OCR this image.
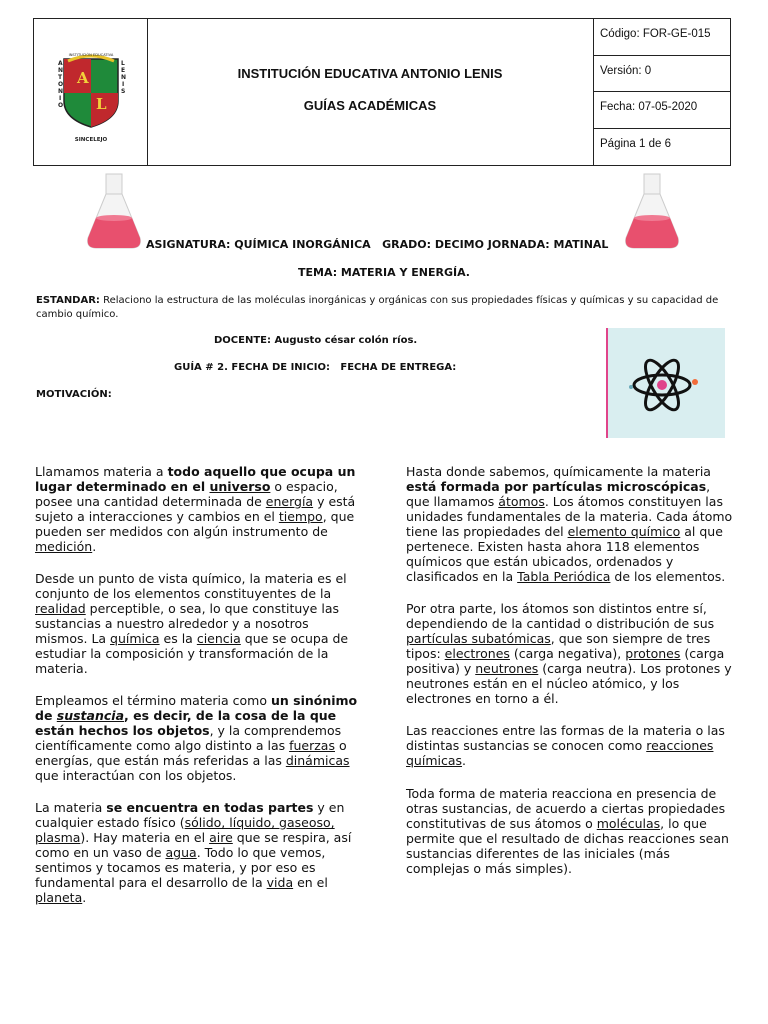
A
L
INSTITUCIÓN EDUCATIVA
A
N
T
O
N
I
O
L
E
N
I
S
SINCELEJO
INSTITUCIÓN EDUCATIVA ANTONIO LENIS
GUÍAS ACADÉMICAS
Código: FOR-GE-015
Versión: 0
Fecha: 07-05-2020
Página 1 de 6
ASIGNATURA: QUÍMICA INORGÁNICA   GRADO: DECIMO JORNADA: MATINAL
TEMA: MATERIA Y ENERGÍA.
ESTANDAR: Relaciono la estructura de las moléculas inorgánicas y orgánicas con sus propiedades físicas y químicas y su capacidad de cambio químico.
DOCENTE: Augusto césar colón ríos.
GUÍA # 2. FECHA DE INICIO:   FECHA DE ENTREGA:
MOTIVACIÓN:

Llamamos materia a todo aquello que ocupa un lugar determinado en el universo o espacio, posee una cantidad determinada de energía y está sujeto a interacciones y cambios en el tiempo, que pueden ser medidos con algún instrumento de medición.

Desde un punto de vista químico, la materia es el conjunto de los elementos constituyentes de la realidad perceptible, o sea, lo que constituye las sustancias a nuestro alrededor y a nosotros mismos. La química es la ciencia que se ocupa de estudiar la composición y transformación de la materia.

Empleamos el término materia como un sinónimo de sustancia, es decir, de la cosa de la que están hechos los objetos, y la comprendemos científicamente como algo distinto a las fuerzas o energías, que están más referidas a las dinámicas que interactúan con los objetos.

La materia se encuentra en todas partes y en cualquier estado físico (sólido, líquido, gaseoso, plasma). Hay materia en el aire que se respira, así como en un vaso de agua. Todo lo que vemos, sentimos y tocamos es materia, y por eso es fundamental para el desarrollo de la vida en el planeta.

Hasta donde sabemos, químicamente la materia está formada por partículas microscópicas, que llamamos átomos. Los átomos constituyen las unidades fundamentales de la materia. Cada átomo tiene las propiedades del elemento químico al que pertenece. Existen hasta ahora 118 elementos químicos que están ubicados, ordenados y clasificados en la Tabla Periódica de los elementos.

Por otra parte, los átomos son distintos entre sí, dependiendo de la cantidad o distribución de sus partículas subatómicas, que son siempre de tres tipos: electrones (carga negativa), protones (carga positiva) y neutrones (carga neutra). Los protones y neutrones están en el núcleo atómico, y los electrones en torno a él.

Las reacciones entre las formas de la materia o las distintas sustancias se conocen como reacciones químicas.

Toda forma de materia reacciona en presencia de otras sustancias, de acuerdo a ciertas propiedades constitutivas de sus átomos o moléculas, lo que permite que el resultado de dichas reacciones sean sustancias diferentes de las iniciales (más complejas o más simples).
